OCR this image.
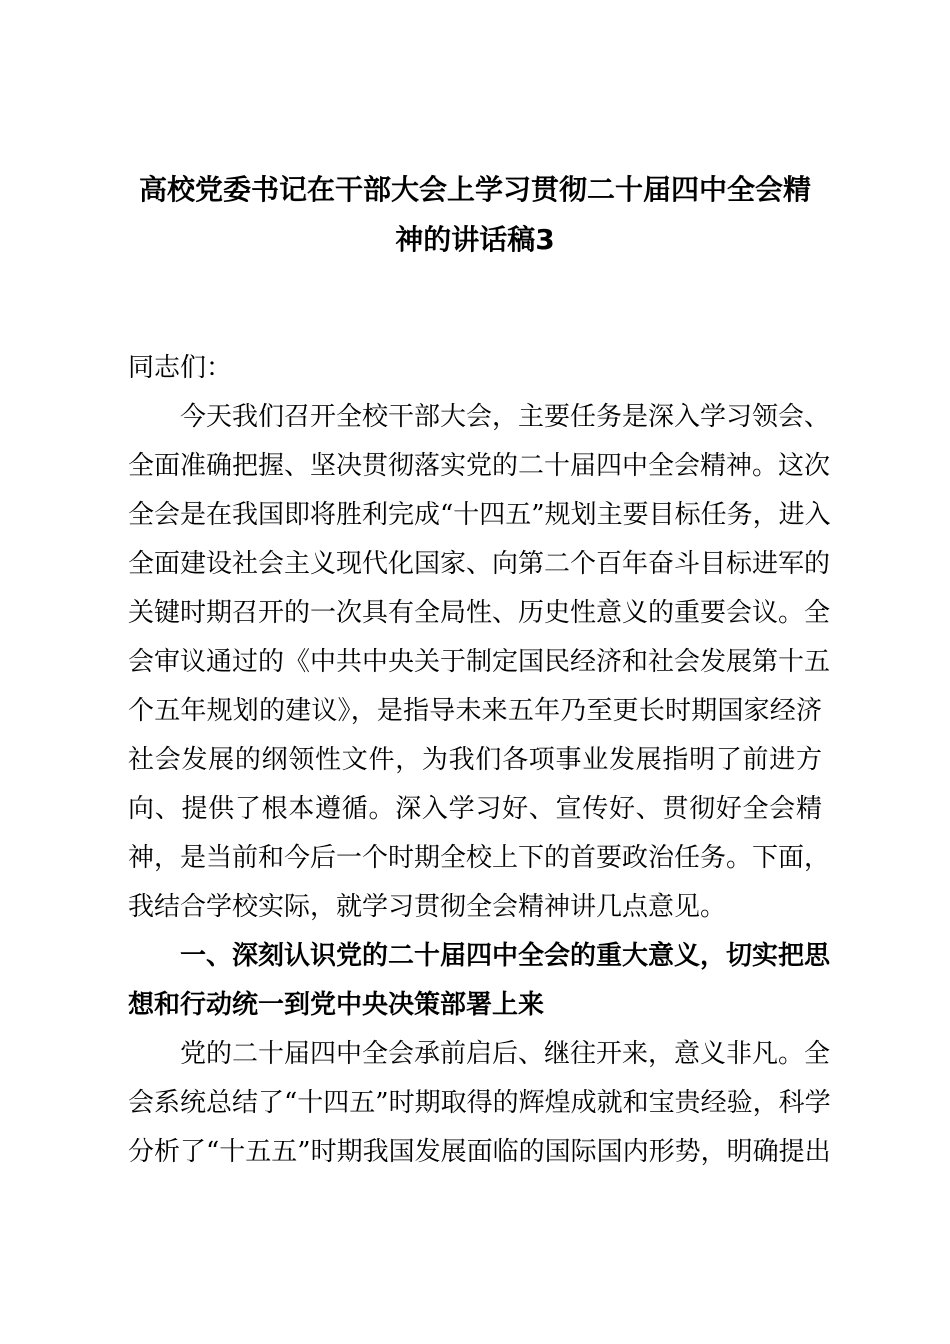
高校党委书记在干部大会上学习贯彻二十届四中全会精
神的讲话稿3
同志们：
　　今天我们召开全校干部大会，主要任务是深入学习领会、
全面准确把握、坚决贯彻落实党的二十届四中全会精神。这次
全会是在我国即将胜利完成“十四五”规划主要目标任务，进入
全面建设社会主义现代化国家、向第二个百年奋斗目标进军的
关键时期召开的一次具有全局性、历史性意义的重要会议。全
会审议通过的《中共中央关于制定国民经济和社会发展第十五
个五年规划的建议》，是指导未来五年乃至更长时期国家经济
社会发展的纲领性文件，为我们各项事业发展指明了前进方
向、提供了根本遵循。深入学习好、宣传好、贯彻好全会精
神，是当前和今后一个时期全校上下的首要政治任务。下面，
我结合学校实际，就学习贯彻全会精神讲几点意见。
　　一、深刻认识党的二十届四中全会的重大意义，切实把思
想和行动统一到党中央决策部署上来
　　党的二十届四中全会承前启后、继往开来，意义非凡。全
会系统总结了“十四五”时期取得的辉煌成就和宝贵经验，科学
分析了“十五五”时期我国发展面临的国际国内形势，明确提出
